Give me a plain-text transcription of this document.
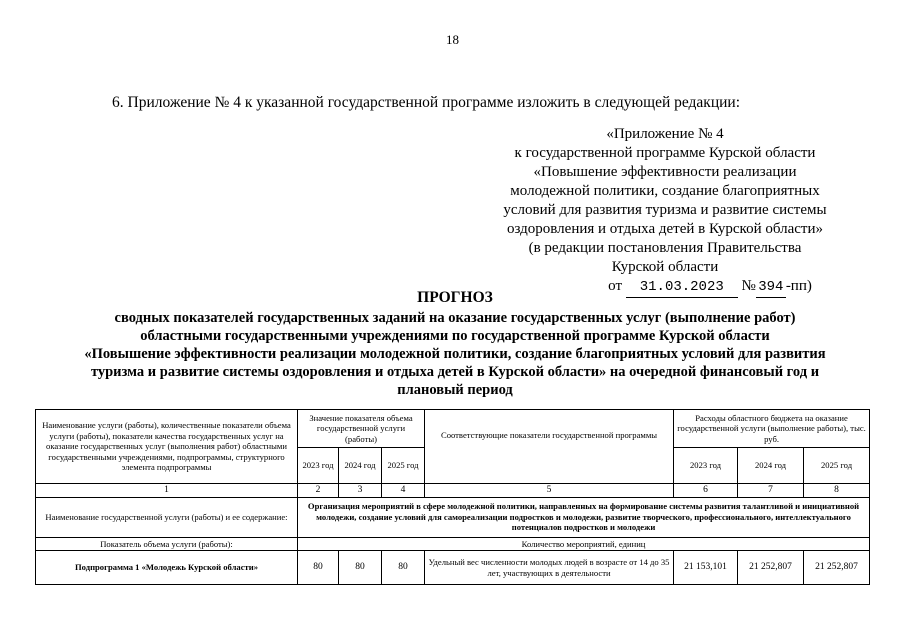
18
6. Приложение № 4 к указанной государственной программе изложить в следующей редакции:
«Приложение № 4
к государственной программе Курской области
«Повышение эффективности реализации
молодежной политики, создание благоприятных
условий для развития туризма и развитие системы
оздоровления и отдыха детей в Курской области»
(в редакции постановления Правительства
Курской области
от 31.03.2023 № 394 -пп)
ПРОГНОЗ
сводных показателей государственных заданий на оказание государственных услуг (выполнение работ)
областными государственными учреждениями по государственной программе Курской области
«Повышение эффективности реализации молодежной политики, создание благоприятных условий для развития
туризма и развитие системы оздоровления и отдыха детей в Курской области» на очередной финансовый год и
плановый период
Наименование услуги (работы), количественные показатели объема услуги (работы), показатели качества государственных услуг на оказание государственных услуг (выполнения работ) областными государственными учреждениями, подпрограммы, структурного элемента подпрограммы	Значение показателя объема государственной услуги (работы)			Соответствующие показатели государственной программы	Расходы областного бюджета на оказание государственной услуги (выполнение работы), тыс. руб.		
	2023 год	2024 год	2025 год		2023 год	2024 год	2025 год
1	2	3	4	5	6	7	8
Наименование государственной услуги (работы) и ее содержание:	Организация мероприятий в сфере молодежной политики, направленных на формирование системы развития талантливой и инициативной молодежи, создание условий для самореализации подростков и молодежи, развитие творческого, профессионального, интеллектуального потенциалов подростков и молодежи						
Показатель объема услуги (работы):	Количество мероприятий, единиц						
Подпрограмма 1 «Молодежь Курской области»	80	80	80	Удельный вес численности молодых людей в возрасте от 14 до 35 лет, участвующих в деятельности	21 153,101	21 252,807	21 252,807
